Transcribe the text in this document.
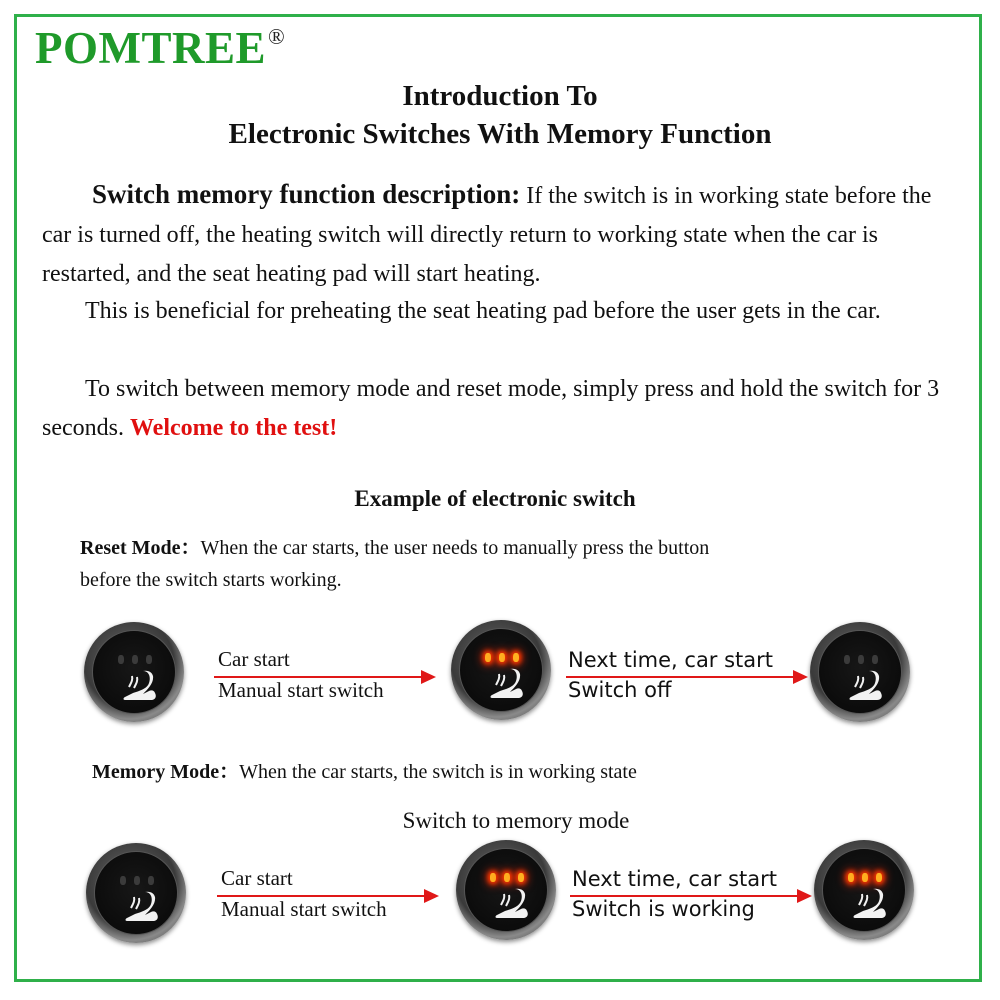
POMTREE®
Introduction To
Electronic Switches With Memory Function

Switch memory function description: If the switch is in working state before the car is turned off, the heating switch will directly return to working state when the car is restarted, and the seat heating pad will start heating.

This is beneficial for preheating the seat heating pad before the user gets in the car.

To switch between memory mode and reset mode, simply press and hold the switch for 3 seconds. Welcome to the test!

Example of electronic switch

Reset Mode：When the car starts, the user needs to manually press the button before the switch starts working.

Car start
Manual start switch
Next time, car start
Switch off

Memory Mode：When the car starts, the switch is in working state

Switch to memory mode
Car start
Manual start switch
Next time, car start
Switch is working
